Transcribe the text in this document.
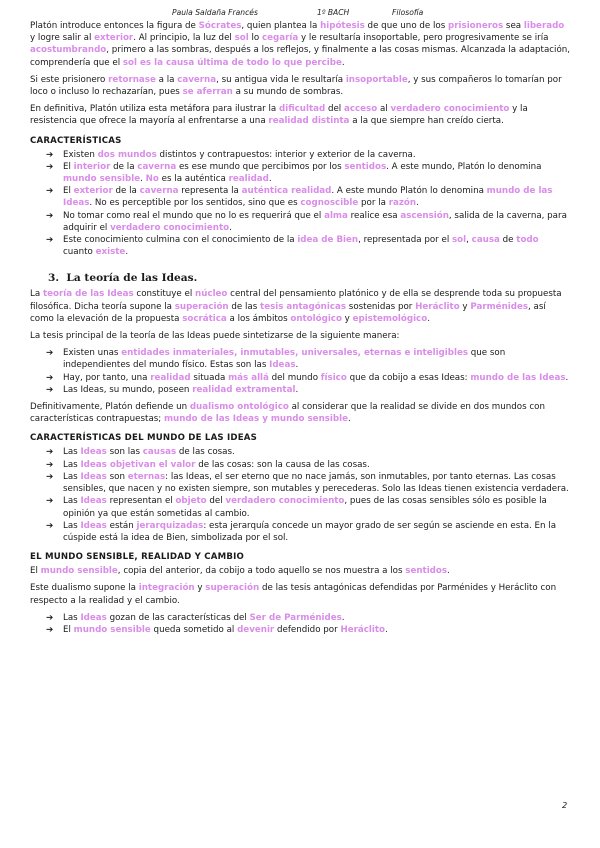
Paula Saldaña Francés	1º BACH	Filosofía

Platón introduce entonces la figura de Sócrates, quien plantea la hipótesis de que uno de los prisioneros sea liberado y logre salir al exterior. Al principio, la luz del sol lo cegaría y le resultaría insoportable, pero progresivamente se iría acostumbrando, primero a las sombras, después a los reflejos, y finalmente a las cosas mismas. Alcanzada la adaptación, comprendería que el sol es la causa última de todo lo que percibe.

Si este prisionero retornase a la caverna, su antigua vida le resultaría insoportable, y sus compañeros lo tomarían por loco o incluso lo rechazarían, pues se aferran a su mundo de sombras.

En definitiva, Platón utiliza esta metáfora para ilustrar la dificultad del acceso al verdadero conocimiento y la resistencia que ofrece la mayoría al enfrentarse a una realidad distinta a la que siempre han creído cierta.

CARACTERÍSTICAS
➔ Existen dos mundos distintos y contrapuestos: interior y exterior de la caverna.
➔ El interior de la caverna es ese mundo que percibimos por los sentidos. A este mundo, Platón lo denomina mundo sensible. No es la auténtica realidad.
➔ El exterior de la caverna representa la auténtica realidad. A este mundo Platón lo denomina mundo de las Ideas. No es perceptible por los sentidos, sino que es cognoscible por la razón.
➔ No tomar como real el mundo que no lo es requerirá que el alma realice esa ascensión, salida de la caverna, para adquirir el verdadero conocimiento.
➔ Este conocimiento culmina con el conocimiento de la idea de Bien, representada por el sol, causa de todo cuanto existe.
3.  La teoría de las Ideas.

La teoría de las Ideas constituye el núcleo central del pensamiento platónico y de ella se desprende toda su propuesta filosófica. Dicha teoría supone la superación de las tesis antagónicas sostenidas por Heráclito y Parménides, así como la elevación de la propuesta socrática a los ámbitos ontológico y epistemológico.

La tesis principal de la teoría de las Ideas puede sintetizarse de la siguiente manera:

➔ Existen unas entidades inmateriales, inmutables, universales, eternas e inteligibles que son independientes del mundo físico. Estas son las Ideas.
➔ Hay, por tanto, una realidad situada más allá del mundo físico que da cobijo a esas Ideas: mundo de las Ideas.
➔ Las Ideas, su mundo, poseen realidad extramental.

Definitivamente, Platón defiende un dualismo ontológico al considerar que la realidad se divide en dos mundos con características contrapuestas; mundo de las Ideas y mundo sensible.

CARACTERÍSTICAS DEL MUNDO DE LAS IDEAS
➔ Las Ideas son las causas de las cosas.
➔ Las Ideas objetivan el valor de las cosas: son la causa de las cosas.
➔ Las Ideas son eternas: las Ideas, el ser eterno que no nace jamás, son inmutables, por tanto eternas. Las cosas sensibles, que nacen y no existen siempre, son mutables y perecederas. Solo las Ideas tienen existencia verdadera.
➔ Las Ideas representan el objeto del verdadero conocimiento, pues de las cosas sensibles sólo es posible la opinión ya que están sometidas al cambio.
➔ Las Ideas están jerarquizadas: esta jerarquía concede un mayor grado de ser según se asciende en esta. En la cúspide está la idea de Bien, simbolizada por el sol.
EL MUNDO SENSIBLE, REALIDAD Y CAMBIO

El mundo sensible, copia del anterior, da cobijo a todo aquello se nos muestra a los sentidos.

Este dualismo supone la integración y superación de las tesis antagónicas defendidas por Parménides y Heráclito con respecto a la realidad y el cambio.

➔ Las Ideas gozan de las características del Ser de Parménides.
➔ El mundo sensible queda sometido al devenir defendido por Heráclito.
2
